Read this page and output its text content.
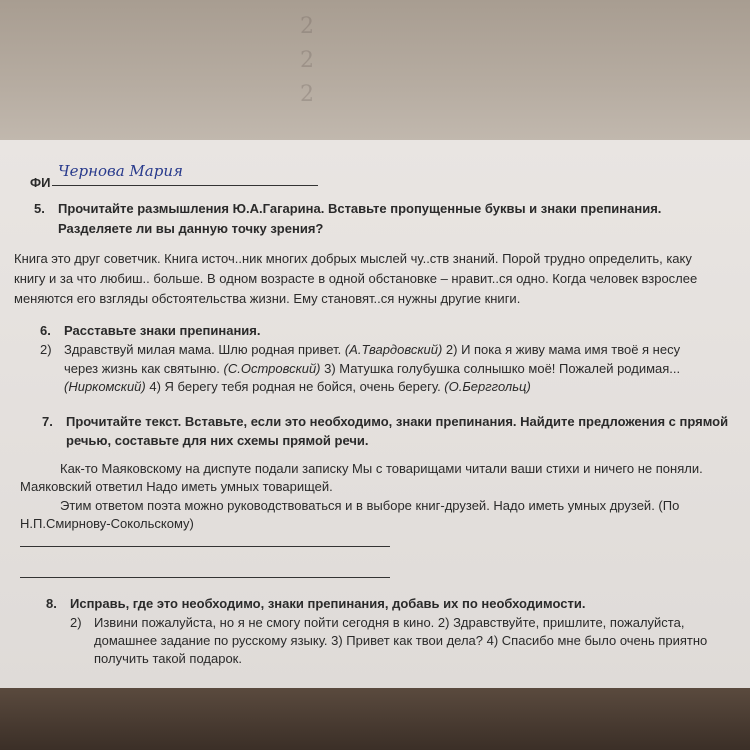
2
2
2
ФИ
Чернова Мария
5. Прочитайте размышления Ю.А.Гагарина. Вставьте пропущенные буквы и знаки препинания.
Разделяете ли вы данную точку зрения?
Книга это друг советчик. Книга источ..ник многих добрых мыслей чу..ств знаний. Порой трудно определить, каку
книгу и за что любиш.. больше. В одном возрасте в одной обстановке – нравит..ся одно. Когда человек взрослее
меняются его взгляды обстоятельства жизни. Ему становят..ся нужны другие книги.
6. Расставьте знаки препинания.
2) Здравствуй милая мама. Шлю родная привет. (А.Твардовский) 2) И пока я живу мама имя твоё я несу
через жизнь как святыню. (С.Островский) 3) Матушка голубушка солнышко моё! Пожалей родимая...
(Ниркомский) 4) Я берегу тебя родная не бойся, очень берегу. (О.Берггольц)
7. Прочитайте текст. Вставьте, если это необходимо, знаки препинания. Найдите предложения с прямой
речью, составьте для них схемы прямой речи.
Как-то Маяковскому на диспуте подали записку Мы с товарищами читали ваши стихи и ничего не поняли.
Маяковский ответил Надо иметь умных товарищей.
Этим ответом поэта можно руководствоваться и в выборе книг-друзей. Надо иметь умных друзей. (По
Н.П.Смирнову-Сокольскому)
8. Исправь, где это необходимо, знаки препинания, добавь их по необходимости.
2) Извини пожалуйста, но я не смогу пойти сегодня в кино. 2) Здравствуйте, пришлите, пожалуйста,
домашнее задание по русскому языку. 3) Привет как твои дела? 4) Спасибо мне было очень приятно
получить такой подарок.
